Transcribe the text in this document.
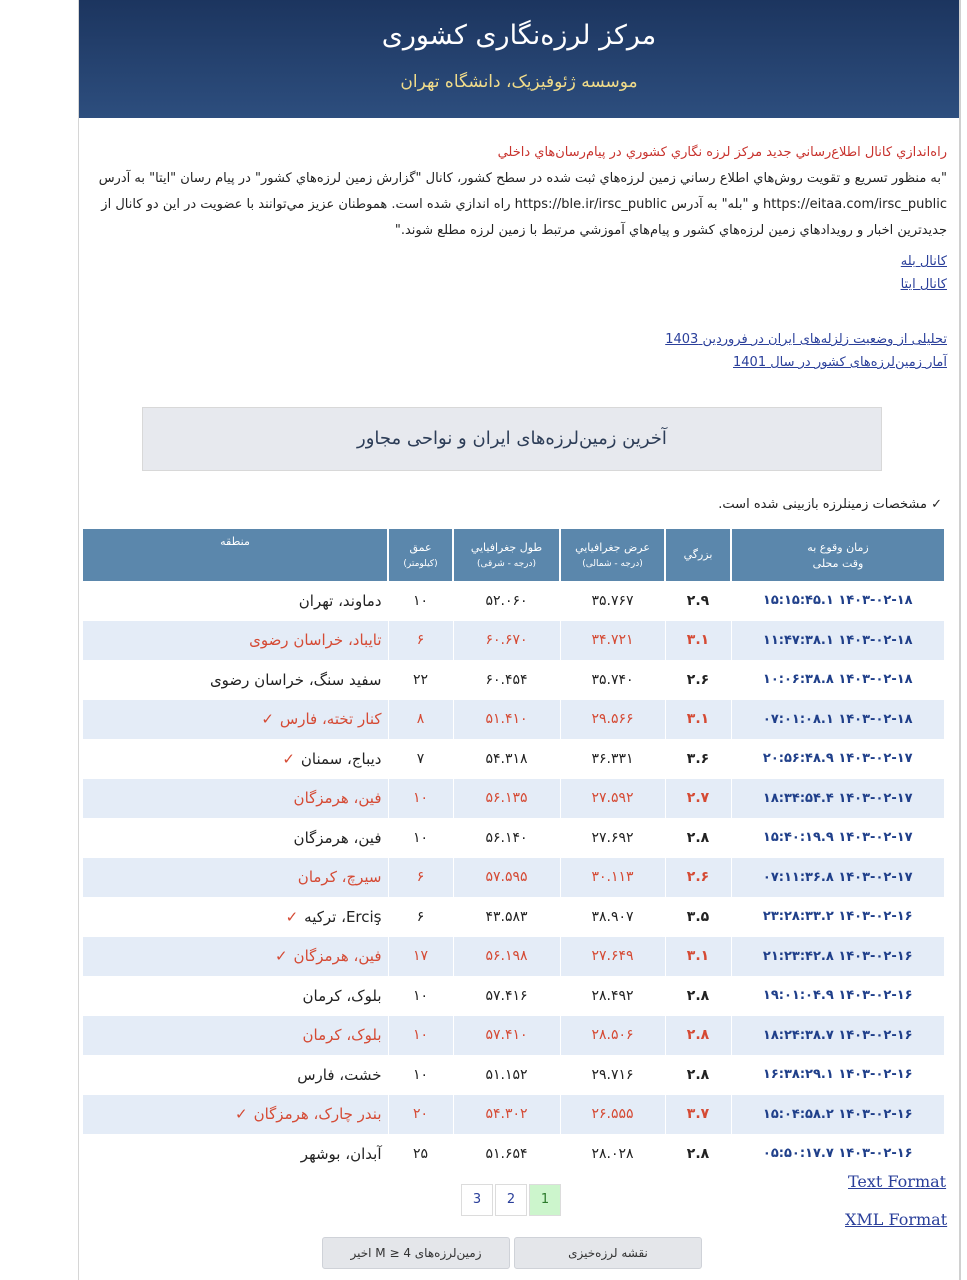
مرکز لرزه‌نگاری کشوری
موسسه ژئوفیزیک، دانشگاه تهران
راه‌اندازي کانال اطلاع‌رساني جديد مرکز لرزه نگاري کشوري در پيام‌رسان‌هاي داخلي
"به منظور تسريع و تقويت روش‌هاي اطلاع رساني زمين لرزه‌هاي ثبت شده در سطح کشور، کانال "گزارش زمين لرزه‌هاي کشور" در پيام رسان "ايتا" به آدرس https://eitaa.com/irsc_public و "بله" به آدرس https://ble.ir/irsc_public راه اندازي شده است. هموطنان عزيز مي‌توانند با عضويت در اين دو کانال از جديدترين اخبار و رويدادهاي زمين لرزه‌هاي کشور و پيام‌هاي آموزشي مرتبط با زمين لرزه مطلع شوند."
کانال بله
کانال ایتا
تحلیلی از وضعیت زلزله‌های ایران در فروردین 1403
آمار زمین‌لرزه‌های کشور در سال 1401
آخرین زمین‌لرزه‌های ایران و نواحی مجاور
✓ مشخصات زمینلرزه بازبینی شده است.
زمان وقوع به
وقت محلی	بزرگي	عرض جغرافيايي
(درجه - شمالی)	طول جغرافيايي
(درجه - شرقی)	عمق
(کیلومتر)	منطقه
۱۴۰۳-۰۲-۱۸ ۱۵:۱۵:۴۵.۱	۲.۹	۳۵.۷۶۷	۵۲.۰۶۰	۱۰	دماوند، تهران
۱۴۰۳-۰۲-۱۸ ۱۱:۴۷:۳۸.۱	۳.۱	۳۴.۷۲۱	۶۰.۶۷۰	۶	تایباد، خراسان رضوی
۱۴۰۳-۰۲-۱۸ ۱۰:۰۶:۳۸.۸	۲.۶	۳۵.۷۴۰	۶۰.۴۵۴	۲۲	سفید سنگ، خراسان رضوی
۱۴۰۳-۰۲-۱۸ ۰۷:۰۱:۰۸.۱	۳.۱	۲۹.۵۶۶	۵۱.۴۱۰	۸	کنار تخته، فارس✓
۱۴۰۳-۰۲-۱۷ ۲۰:۵۶:۴۸.۹	۳.۶	۳۶.۳۳۱	۵۴.۳۱۸	۷	دیباج، سمنان✓
۱۴۰۳-۰۲-۱۷ ۱۸:۳۴:۵۴.۴	۲.۷	۲۷.۵۹۲	۵۶.۱۳۵	۱۰	فین، هرمزگان
۱۴۰۳-۰۲-۱۷ ۱۵:۴۰:۱۹.۹	۲.۸	۲۷.۶۹۲	۵۶.۱۴۰	۱۰	فین، هرمزگان
۱۴۰۳-۰۲-۱۷ ۰۷:۱۱:۳۶.۸	۲.۶	۳۰.۱۱۳	۵۷.۵۹۵	۶	سیرچ، کرمان
۱۴۰۳-۰۲-۱۶ ۲۳:۲۸:۳۳.۲	۳.۵	۳۸.۹۰۷	۴۳.۵۸۳	۶	Erciş، ترکیه✓
۱۴۰۳-۰۲-۱۶ ۲۱:۲۳:۴۲.۸	۳.۱	۲۷.۶۴۹	۵۶.۱۹۸	۱۷	فین، هرمزگان✓
۱۴۰۳-۰۲-۱۶ ۱۹:۰۱:۰۴.۹	۲.۸	۲۸.۴۹۲	۵۷.۴۱۶	۱۰	بلوک، کرمان
۱۴۰۳-۰۲-۱۶ ۱۸:۲۴:۳۸.۷	۲.۸	۲۸.۵۰۶	۵۷.۴۱۰	۱۰	بلوک، کرمان
۱۴۰۳-۰۲-۱۶ ۱۶:۳۸:۲۹.۱	۲.۸	۲۹.۷۱۶	۵۱.۱۵۲	۱۰	خشت، فارس
۱۴۰۳-۰۲-۱۶ ۱۵:۰۴:۵۸.۲	۳.۷	۲۶.۵۵۵	۵۴.۳۰۲	۲۰	بندر چارک، هرمزگان✓
۱۴۰۳-۰۲-۱۶ ۰۵:۵۰:۱۷.۷	۲.۸	۲۸.۰۲۸	۵۱.۶۵۴	۲۵	آبدان، بوشهر
3 2 1
Text Format
XML Format
نقشه لرزه‌خیزی
زمین‌لرزه‌های M ≥ 4 اخیر
